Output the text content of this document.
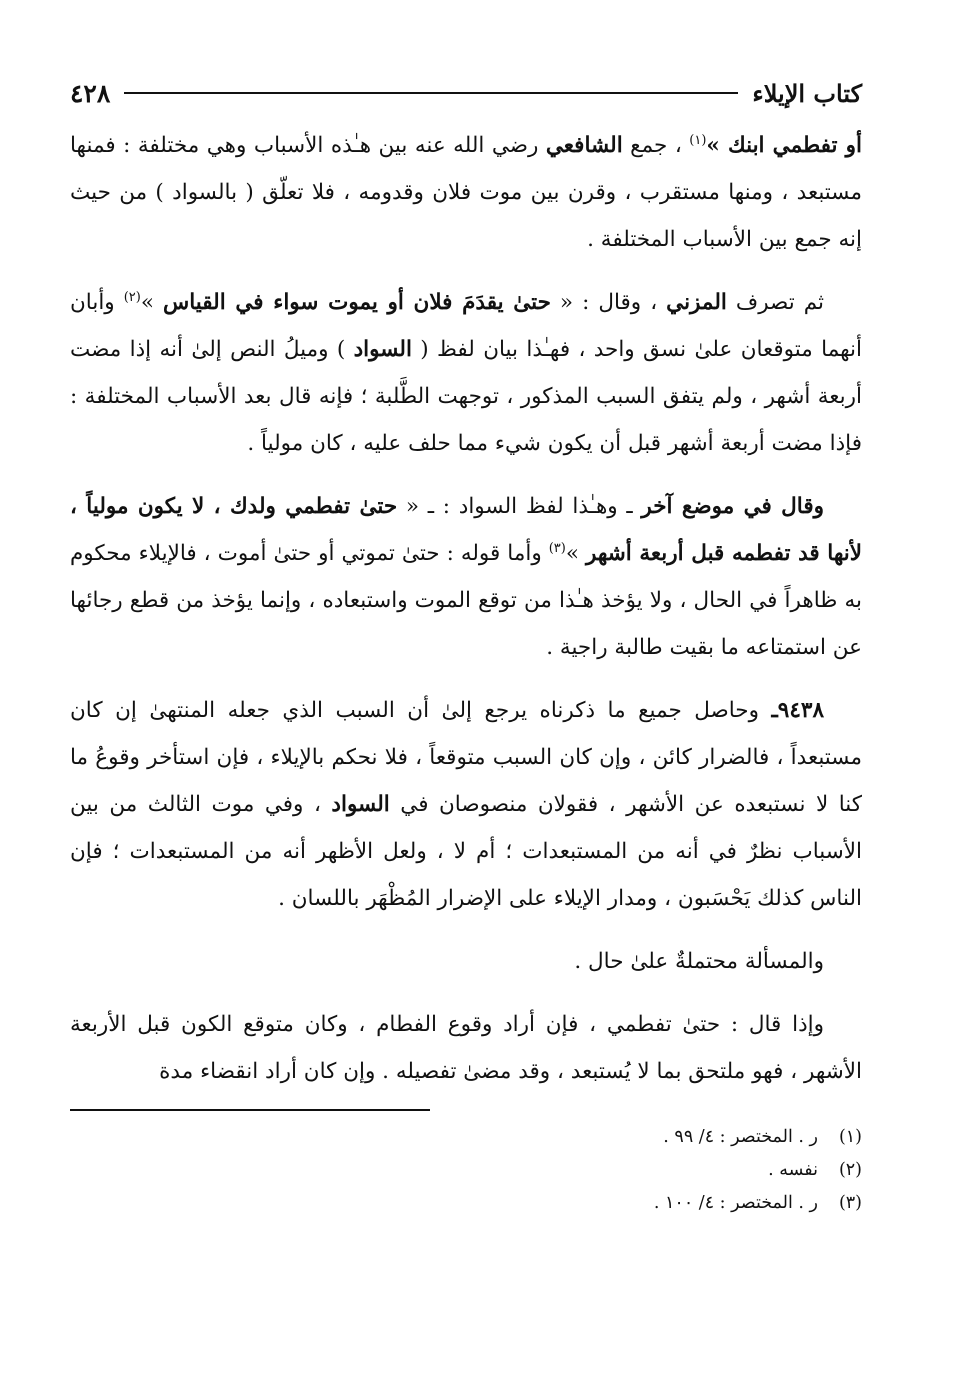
كتاب الإيلاء
٤٢٨

أو تفطمي ابنك »$^{(١)}$ ، جمع الشافعي رضي الله عنه بين هـٰذه الأسباب وهي مختلفة : فمنها مستبعد ، ومنها مستقرب ، وقرن بين موت فلان وقدومه ، فلا تعلّق ( بالسواد ) من حيث إنه جمع بين الأسباب المختلفة .

ثم تصرف المزني ، وقال : « حتىٰ يقدَمَ فلان أو يموت سواء في القياس »$^{(٢)}$ وأبان أنهما متوقعان علىٰ نسق واحد ، فهـٰذا بيان لفظ ( السواد ) وميلُ النص إلىٰ أنه إذا مضت أربعة أشهر ، ولم يتفق السبب المذكور ، توجهت الطَّلبة ؛ فإنه قال بعد الأسباب المختلفة : فإذا مضت أربعة أشهر قبل أن يكون شيء مما حلف عليه ، كان مولياً .

وقال في موضع آخر ـ وهـٰذا لفظ السواد : ـ « حتىٰ تفطمي ولدك ، لا يكون مولياً ، لأنها قد تفطمه قبل أربعة أشهر »$^{(٣)}$ وأما قوله : حتىٰ تموتي أو حتىٰ أموت ، فالإيلاء محكوم به ظاهراً في الحال ، ولا يؤخذ هـٰذا من توقع الموت واستبعاده ، وإنما يؤخذ من قطع رجائها عن استمتاعه ما بقيت طالبة راجية .

٩٤٣٨ـ وحاصل جميع ما ذكرناه يرجع إلىٰ أن السبب الذي جعله المنتهىٰ إن كان مستبعداً ، فالضرار كائن ، وإن كان السبب متوقعاً ، فلا نحكم بالإيلاء ، فإن استأخر وقوعُ ما كنا لا نستبعده عن الأشهر ، فقولان منصوصان في السواد ، وفي موت الثالث من بين الأسباب نظرٌ في أنه من المستبعدات ؛ أم لا ، ولعل الأظهر أنه من المستبعدات ؛ فإن الناس كذلك يَحْسَبون ، ومدار الإيلاء على الإضرار المُظْهَر باللسان .

والمسألة محتملةٌ علىٰ حال .

وإذا قال : حتىٰ تفطمي ، فإن أراد وقوع الفطام ، وكان متوقع الكون قبل الأربعة الأشهر ، فهو ملتحق بما لا يُستبعد ، وقد مضىٰ تفصيله . وإن كان أراد انقضاء مدة

(١)
ر . المختصر : ٤/ ٩٩ .
(٢)
نفسه .
(٣)
ر . المختصر : ٤/ ١٠٠ .
